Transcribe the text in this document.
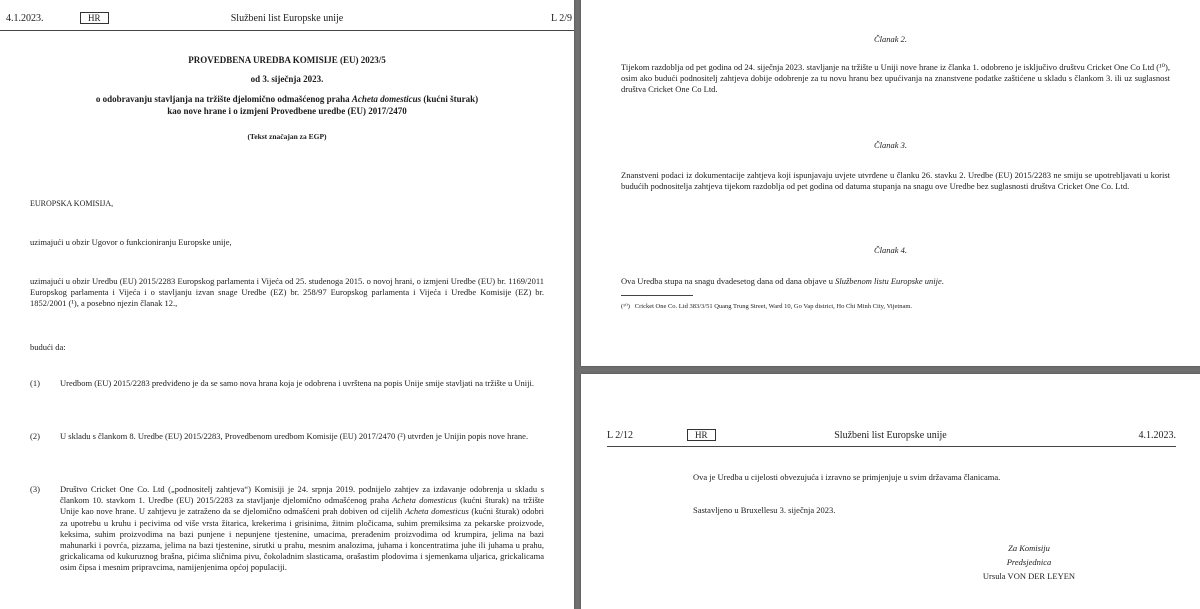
4.1.2023.	HR	Službeni list Europske unije	L 2/9
PROVEDBENA UREDBA KOMISIJE (EU) 2023/5
od 3. siječnja 2023.
o odobravanju stavljanja na tržište djelomično odmašćenog praha Acheta domesticus (kućni šturak)
kao nove hrane i o izmjeni Provedbene uredbe (EU) 2017/2470
(Tekst značajan za EGP)
EUROPSKA KOMISIJA,
uzimajući u obzir Ugovor o funkcioniranju Europske unije,
uzimajući u obzir Uredbu (EU) 2015/2283 Europskog parlamenta i Vijeća od 25. studenoga 2015. o novoj hrani, o izmjeni Uredbe (EU) br. 1169/2011 Europskog parlamenta i Vijeća i o stavljanju izvan snage Uredbe (EZ) br. 258/97 Europskog parlamenta i Vijeća i Uredbe Komisije (EZ) br. 1852/2001 (¹), a posebno njezin članak 12.,
budući da:
(1) Uredbom (EU) 2015/2283 predviđeno je da se samo nova hrana koja je odobrena i uvrštena na popis Unije smije stavljati na tržište u Uniji.
(2) U skladu s člankom 8. Uredbe (EU) 2015/2283, Provedbenom uredbom Komisije (EU) 2017/2470 (²) utvrđen je Unijin popis nove hrane.
(3) Društvo Cricket One Co. Ltd („podnositelj zahtjeva“) Komisiji je 24. srpnja 2019. podnijelo zahtjev za izdavanje odobrenja u skladu s člankom 10. stavkom 1. Uredbe (EU) 2015/2283 za stavljanje djelomično odmašćenog praha Acheta domesticus (kućni šturak) na tržište Unije kao nove hrane. U zahtjevu je zatraženo da se djelomično odmašćeni prah dobiven od cijelih Acheta domesticus (kućni šturak) odobri za upotrebu u kruhu i pecivima od više vrsta žitarica, krekerima i grisinima, žitnim pločicama, suhim premiksima za pekarske proizvode, keksima, suhim proizvodima na bazi punjene i nepunjene tjestenine, umacima, prerađenim proizvodima od krumpira, jelima na bazi mahunarki i povrća, pizzama, jelima na bazi tjestenine, sirutki u prahu, mesnim analozima, juhama i koncentratima juhe ili juhama u prahu, grickalicama od kukuruznog brašna, pićima sličnima pivu, čokoladnim slasticama, orašastim plodovima i sjemenkama uljarica, grickalicama osim čipsa i mesnim pripravcima, namijenjenima općoj populaciji.
Članak 2.
Tijekom razdoblja od pet godina od 24. siječnja 2023. stavljanje na tržište u Uniji nove hrane iz članka 1. odobreno je isključivo društvu Cricket One Co Ltd (¹⁰), osim ako budući podnositelj zahtjeva dobije odobrenje za tu novu hranu bez upućivanja na znanstvene podatke zaštićene u skladu s člankom 3. ili uz suglasnost društva Cricket One Co Ltd.
Članak 3.
Znanstveni podaci iz dokumentacije zahtjeva koji ispunjavaju uvjete utvrđene u članku 26. stavku 2. Uredbe (EU) 2015/2283 ne smiju se upotrebljavati u korist budućih podnositelja zahtjeva tijekom razdoblja od pet godina od datuma stupanja na snagu ove Uredbe bez suglasnosti društva Cricket One Co. Ltd.
Članak 4.
Ova Uredba stupa na snagu dvadesetog dana od dana objave u Službenom listu Europske unije.
(¹⁰) Cricket One Co. Ltd 383/3/51 Quang Trung Street, Ward 10, Go Vap district, Ho Chi Minh City, Vijetnam.
L 2/12	HR	Službeni list Europske unije	4.1.2023.
Ova je Uredba u cijelosti obvezujuća i izravno se primjenjuje u svim državama članicama.
Sastavljeno u Bruxellesu 3. siječnja 2023.
Za Komisiju
Predsjednica
Ursula VON DER LEYEN
